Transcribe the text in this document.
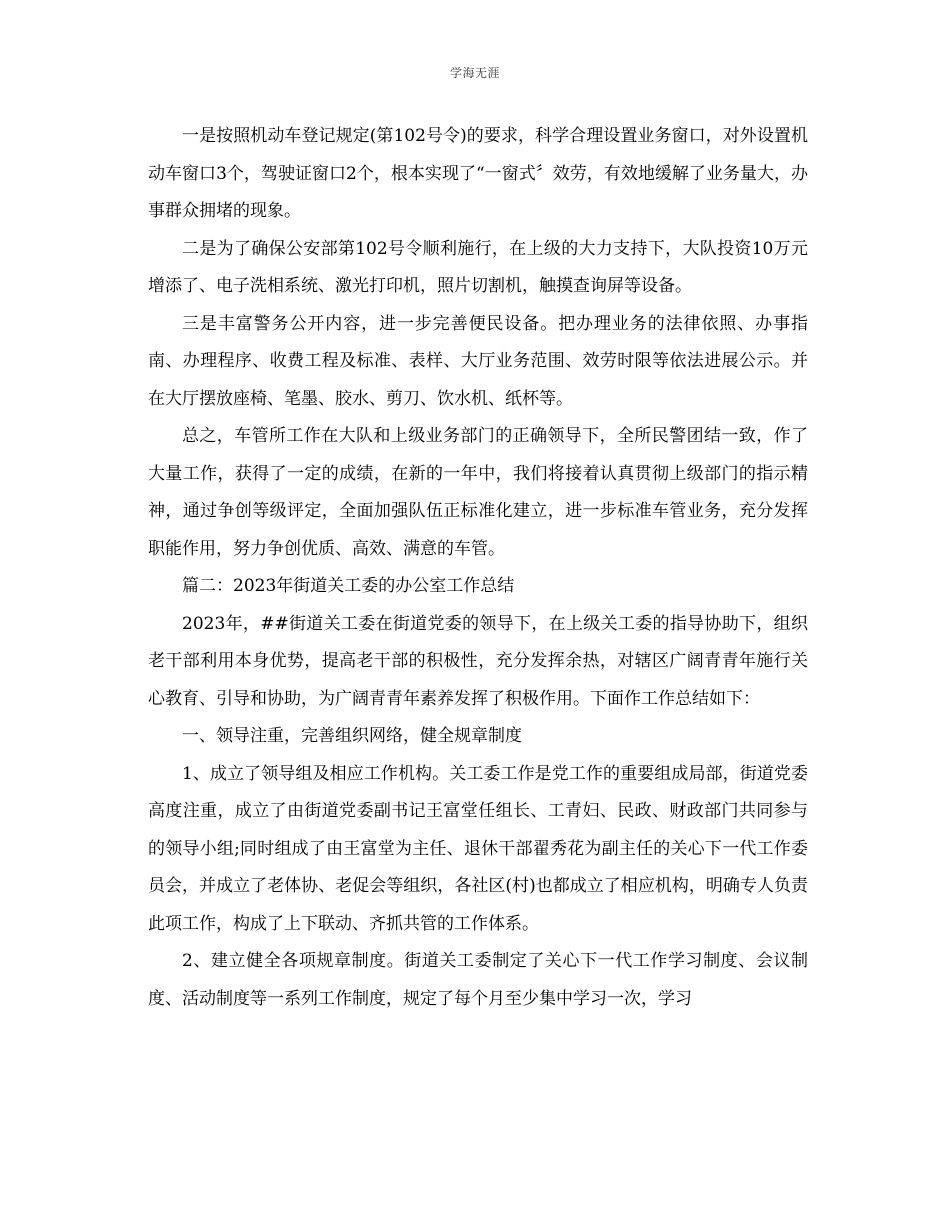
学海无涯

一是按照机动车登记规定(第102号令)的要求，科学合理设置业务窗口，对外设置机动车窗口3个，驾驶证窗口2个，根本实现了“一窗式〞效劳，有效地缓解了业务量大，办事群众拥堵的现象。

二是为了确保公安部第102号令顺利施行，在上级的大力支持下，大队投资10万元增添了、电子洗相系统、激光打印机，照片切割机，触摸查询屏等设备。

三是丰富警务公开内容，进一步完善便民设备。把办理业务的法律依照、办事指南、办理程序、收费工程及标准、表样、大厅业务范围、效劳时限等依法进展公示。并在大厅摆放座椅、笔墨、胶水、剪刀、饮水机、纸杯等。

总之，车管所工作在大队和上级业务部门的正确领导下，全所民警团结一致，作了大量工作，获得了一定的成绩，在新的一年中，我们将接着认真贯彻上级部门的指示精神，通过争创等级评定，全面加强队伍正标准化建立，进一步标准车管业务，充分发挥职能作用，努力争创优质、高效、满意的车管。

篇二：2023年街道关工委的办公室工作总结

2023年，##街道关工委在街道党委的领导下，在上级关工委的指导协助下，组织老干部利用本身优势，提高老干部的积极性，充分发挥余热，对辖区广阔青青年施行关心教育、引导和协助，为广阔青青年素养发挥了积极作用。下面作工作总结如下：

一、领导注重，完善组织网络，健全规章制度

1、成立了领导组及相应工作机构。关工委工作是党工作的重要组成局部，街道党委高度注重，成立了由街道党委副书记王富堂任组长、工青妇、民政、财政部门共同参与的领导小组;同时组成了由王富堂为主任、退休干部翟秀花为副主任的关心下一代工作委员会，并成立了老体协、老促会等组织，各社区(村)也都成立了相应机构，明确专人负责此项工作，构成了上下联动、齐抓共管的工作体系。

2、建立健全各项规章制度。街道关工委制定了关心下一代工作学习制度、会议制度、活动制度等一系列工作制度，规定了每个月至少集中学习一次，学习
